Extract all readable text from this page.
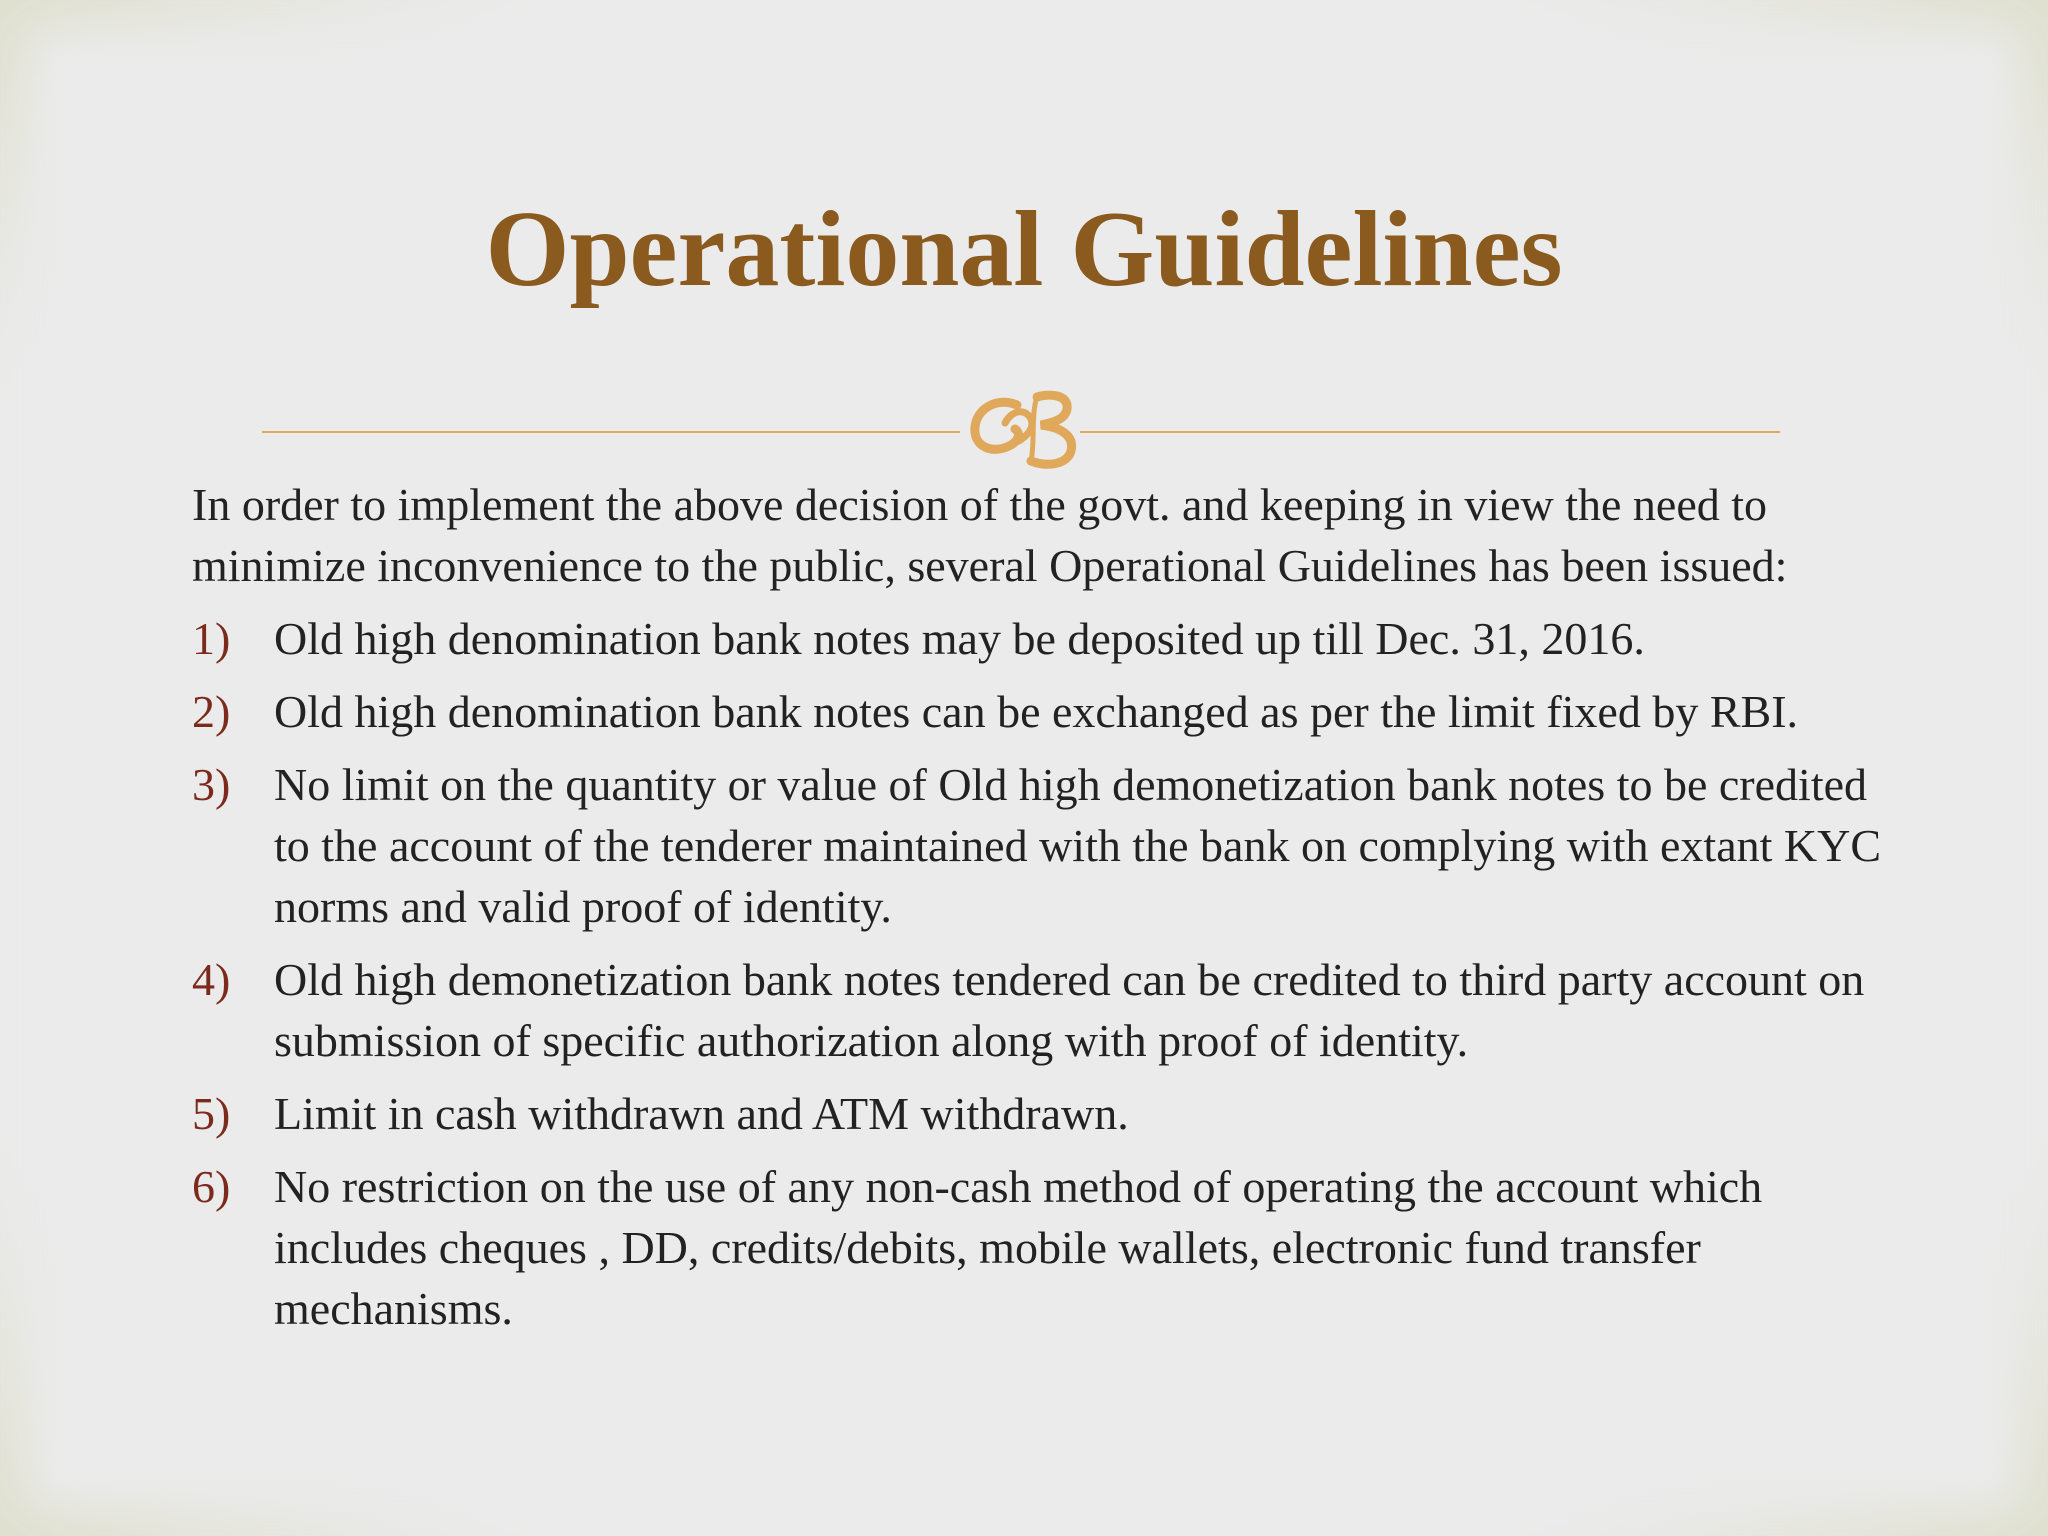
Operational Guidelines

In order to implement the above decision of the govt. and keeping in view the need to minimize inconvenience to the public, several Operational Guidelines has been issued:

1) Old high denomination bank notes may be deposited up till Dec. 31, 2016.
2) Old high denomination bank notes can be exchanged as per the limit fixed by RBI.
3) No limit on the quantity or value of Old high demonetization bank notes to be credited to the account of the tenderer maintained with the bank on complying with extant KYC norms and valid proof of identity.
4) Old high demonetization bank notes tendered can be credited to third party account on submission of specific authorization along with proof of identity.
5) Limit in cash withdrawn and ATM withdrawn.
6) No restriction on the use of any non-cash method of operating the account which includes cheques , DD, credits/debits, mobile wallets, electronic fund transfer mechanisms.
